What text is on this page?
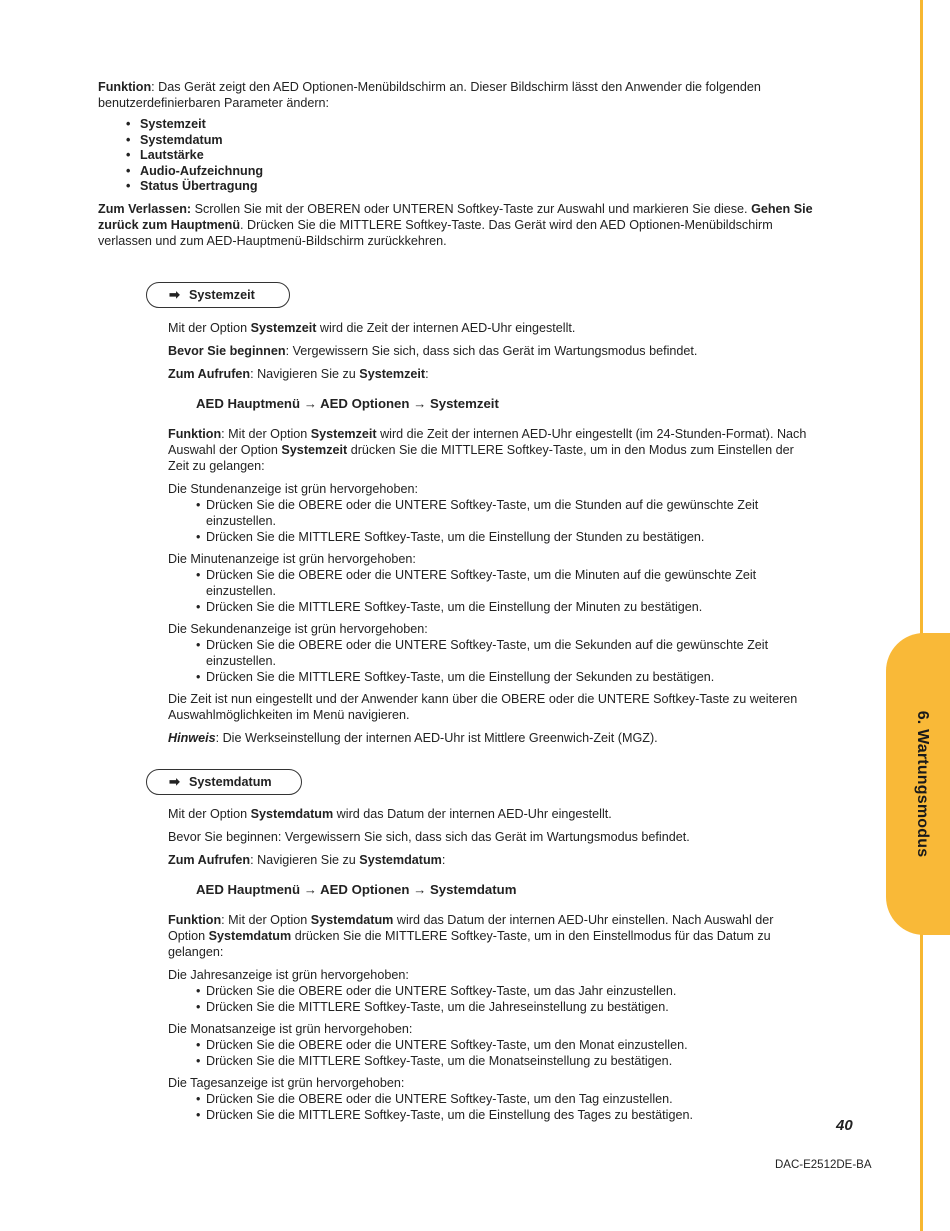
6. Wartungsmodus

Funktion: Das Gerät zeigt den AED Optionen-Menübildschirm an. Dieser Bildschirm lässt den Anwender die folgenden benutzerdefinierbaren Parameter ändern:

• Systemzeit
• Systemdatum
• Lautstärke
• Audio-Aufzeichnung
• Status Übertragung

Zum Verlassen: Scrollen Sie mit der OBEREN oder UNTEREN Softkey-Taste zur Auswahl und markieren Sie diese. Gehen Sie zurück zum Hauptmenü. Drücken Sie die MITTLERE Softkey-Taste. Das Gerät wird den AED Optionen-Menübildschirm verlassen und zum AED-Hauptmenü-Bildschirm zurückkehren.

➡ Systemzeit

Mit der Option Systemzeit wird die Zeit der internen AED-Uhr eingestellt.

Bevor Sie beginnen: Vergewissern Sie sich, dass sich das Gerät im Wartungsmodus befindet.

Zum Aufrufen: Navigieren Sie zu Systemzeit:

AED Hauptmenü → AED Optionen → Systemzeit

Funktion: Mit der Option Systemzeit wird die Zeit der internen AED-Uhr eingestellt (im 24-Stunden-Format). Nach Auswahl der Option Systemzeit drücken Sie die MITTLERE Softkey-Taste, um in den Modus zum Einstellen der Zeit zu gelangen:

Die Stundenanzeige ist grün hervorgehoben:
• Drücken Sie die OBERE oder die UNTERE Softkey-Taste, um die Stunden auf die gewünschte Zeit einzustellen.
• Drücken Sie die MITTLERE Softkey-Taste, um die Einstellung der Stunden zu bestätigen.
Die Minutenanzeige ist grün hervorgehoben:
• Drücken Sie die OBERE oder die UNTERE Softkey-Taste, um die Minuten auf die gewünschte Zeit einzustellen.
• Drücken Sie die MITTLERE Softkey-Taste, um die Einstellung der Minuten zu bestätigen.
Die Sekundenanzeige ist grün hervorgehoben:
• Drücken Sie die OBERE oder die UNTERE Softkey-Taste, um die Sekunden auf die gewünschte Zeit einzustellen.
• Drücken Sie die MITTLERE Softkey-Taste, um die Einstellung der Sekunden zu bestätigen.

Die Zeit ist nun eingestellt und der Anwender kann über die OBERE oder die UNTERE Softkey-Taste zu weiteren Auswahlmöglichkeiten im Menü navigieren.

Hinweis: Die Werkseinstellung der internen AED-Uhr ist Mittlere Greenwich-Zeit (MGZ).

➡ Systemdatum

Mit der Option Systemdatum wird das Datum der internen AED-Uhr eingestellt.

Bevor Sie beginnen: Vergewissern Sie sich, dass sich das Gerät im Wartungsmodus befindet.

Zum Aufrufen: Navigieren Sie zu Systemdatum:

AED Hauptmenü → AED Optionen → Systemdatum

Funktion: Mit der Option Systemdatum wird das Datum der internen AED-Uhr einstellen. Nach Auswahl der Option Systemdatum drücken Sie die MITTLERE Softkey-Taste, um in den Einstellmodus für das Datum zu gelangen:

Die Jahresanzeige ist grün hervorgehoben:
• Drücken Sie die OBERE oder die UNTERE Softkey-Taste, um das Jahr einzustellen.
• Drücken Sie die MITTLERE Softkey-Taste, um die Jahreseinstellung zu bestätigen.
Die Monatsanzeige ist grün hervorgehoben:
• Drücken Sie die OBERE oder die UNTERE Softkey-Taste, um den Monat einzustellen.
• Drücken Sie die MITTLERE Softkey-Taste, um die Monatseinstellung zu bestätigen.
Die Tagesanzeige ist grün hervorgehoben:
• Drücken Sie die OBERE oder die UNTERE Softkey-Taste, um den Tag einzustellen.
• Drücken Sie die MITTLERE Softkey-Taste, um die Einstellung des Tages zu bestätigen.
40
DAC-E2512DE-BA
